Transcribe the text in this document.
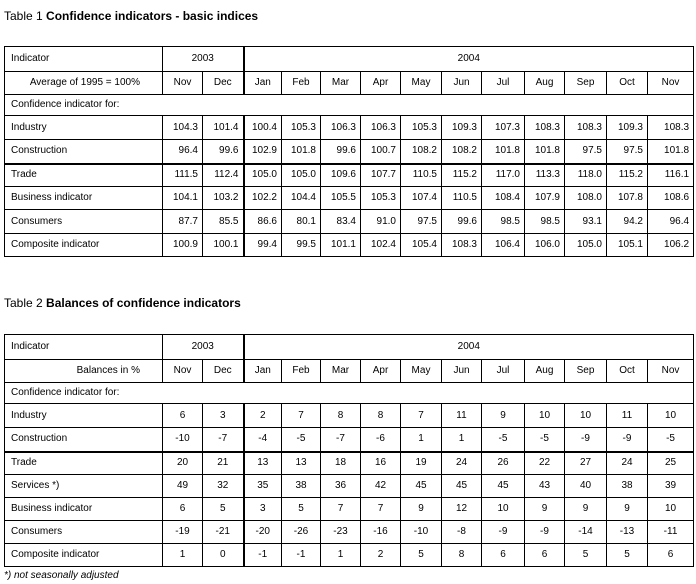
Table 1 Confidence indicators - basic indices
Indicator	2003		2004										
Average of 1995 = 100%	Nov	Dec	Jan	Feb	Mar	Apr	May	Jun	Jul	Aug	Sep	Oct	Nov
Confidence indicator for:													
Industry	104.3	101.4	100.4	105.3	106.3	106.3	105.3	109.3	107.3	108.3	108.3	109.3	108.3
Construction	96.4	99.6	102.9	101.8	99.6	100.7	108.2	108.2	101.8	101.8	97.5	97.5	101.8
Trade	111.5	112.4	105.0	105.0	109.6	107.7	110.5	115.2	117.0	113.3	118.0	115.2	116.1
Business indicator	104.1	103.2	102.2	104.4	105.5	105.3	107.4	110.5	108.4	107.9	108.0	107.8	108.6
Consumers	87.7	85.5	86.6	80.1	83.4	91.0	97.5	99.6	98.5	98.5	93.1	94.2	96.4
Composite indicator	100.9	100.1	99.4	99.5	101.1	102.4	105.4	108.3	106.4	106.0	105.0	105.1	106.2
Table 2 Balances of confidence indicators
Indicator	2003		2004										
Balances in %	Nov	Dec	Jan	Feb	Mar	Apr	May	Jun	Jul	Aug	Sep	Oct	Nov
Confidence indicator for:													
Industry	6	3	2	7	8	8	7	11	9	10	10	11	10
Construction	-10	-7	-4	-5	-7	-6	1	1	-5	-5	-9	-9	-5
Trade	20	21	13	13	18	16	19	24	26	22	27	24	25
Services *)	49	32	35	38	36	42	45	45	45	43	40	38	39
Business indicator	6	5	3	5	7	7	9	12	10	9	9	9	10
Consumers	-19	-21	-20	-26	-23	-16	-10	-8	-9	-9	-14	-13	-11
Composite indicator	1	0	-1	-1	1	2	5	8	6	6	5	5	6
*) not seasonally adjusted
